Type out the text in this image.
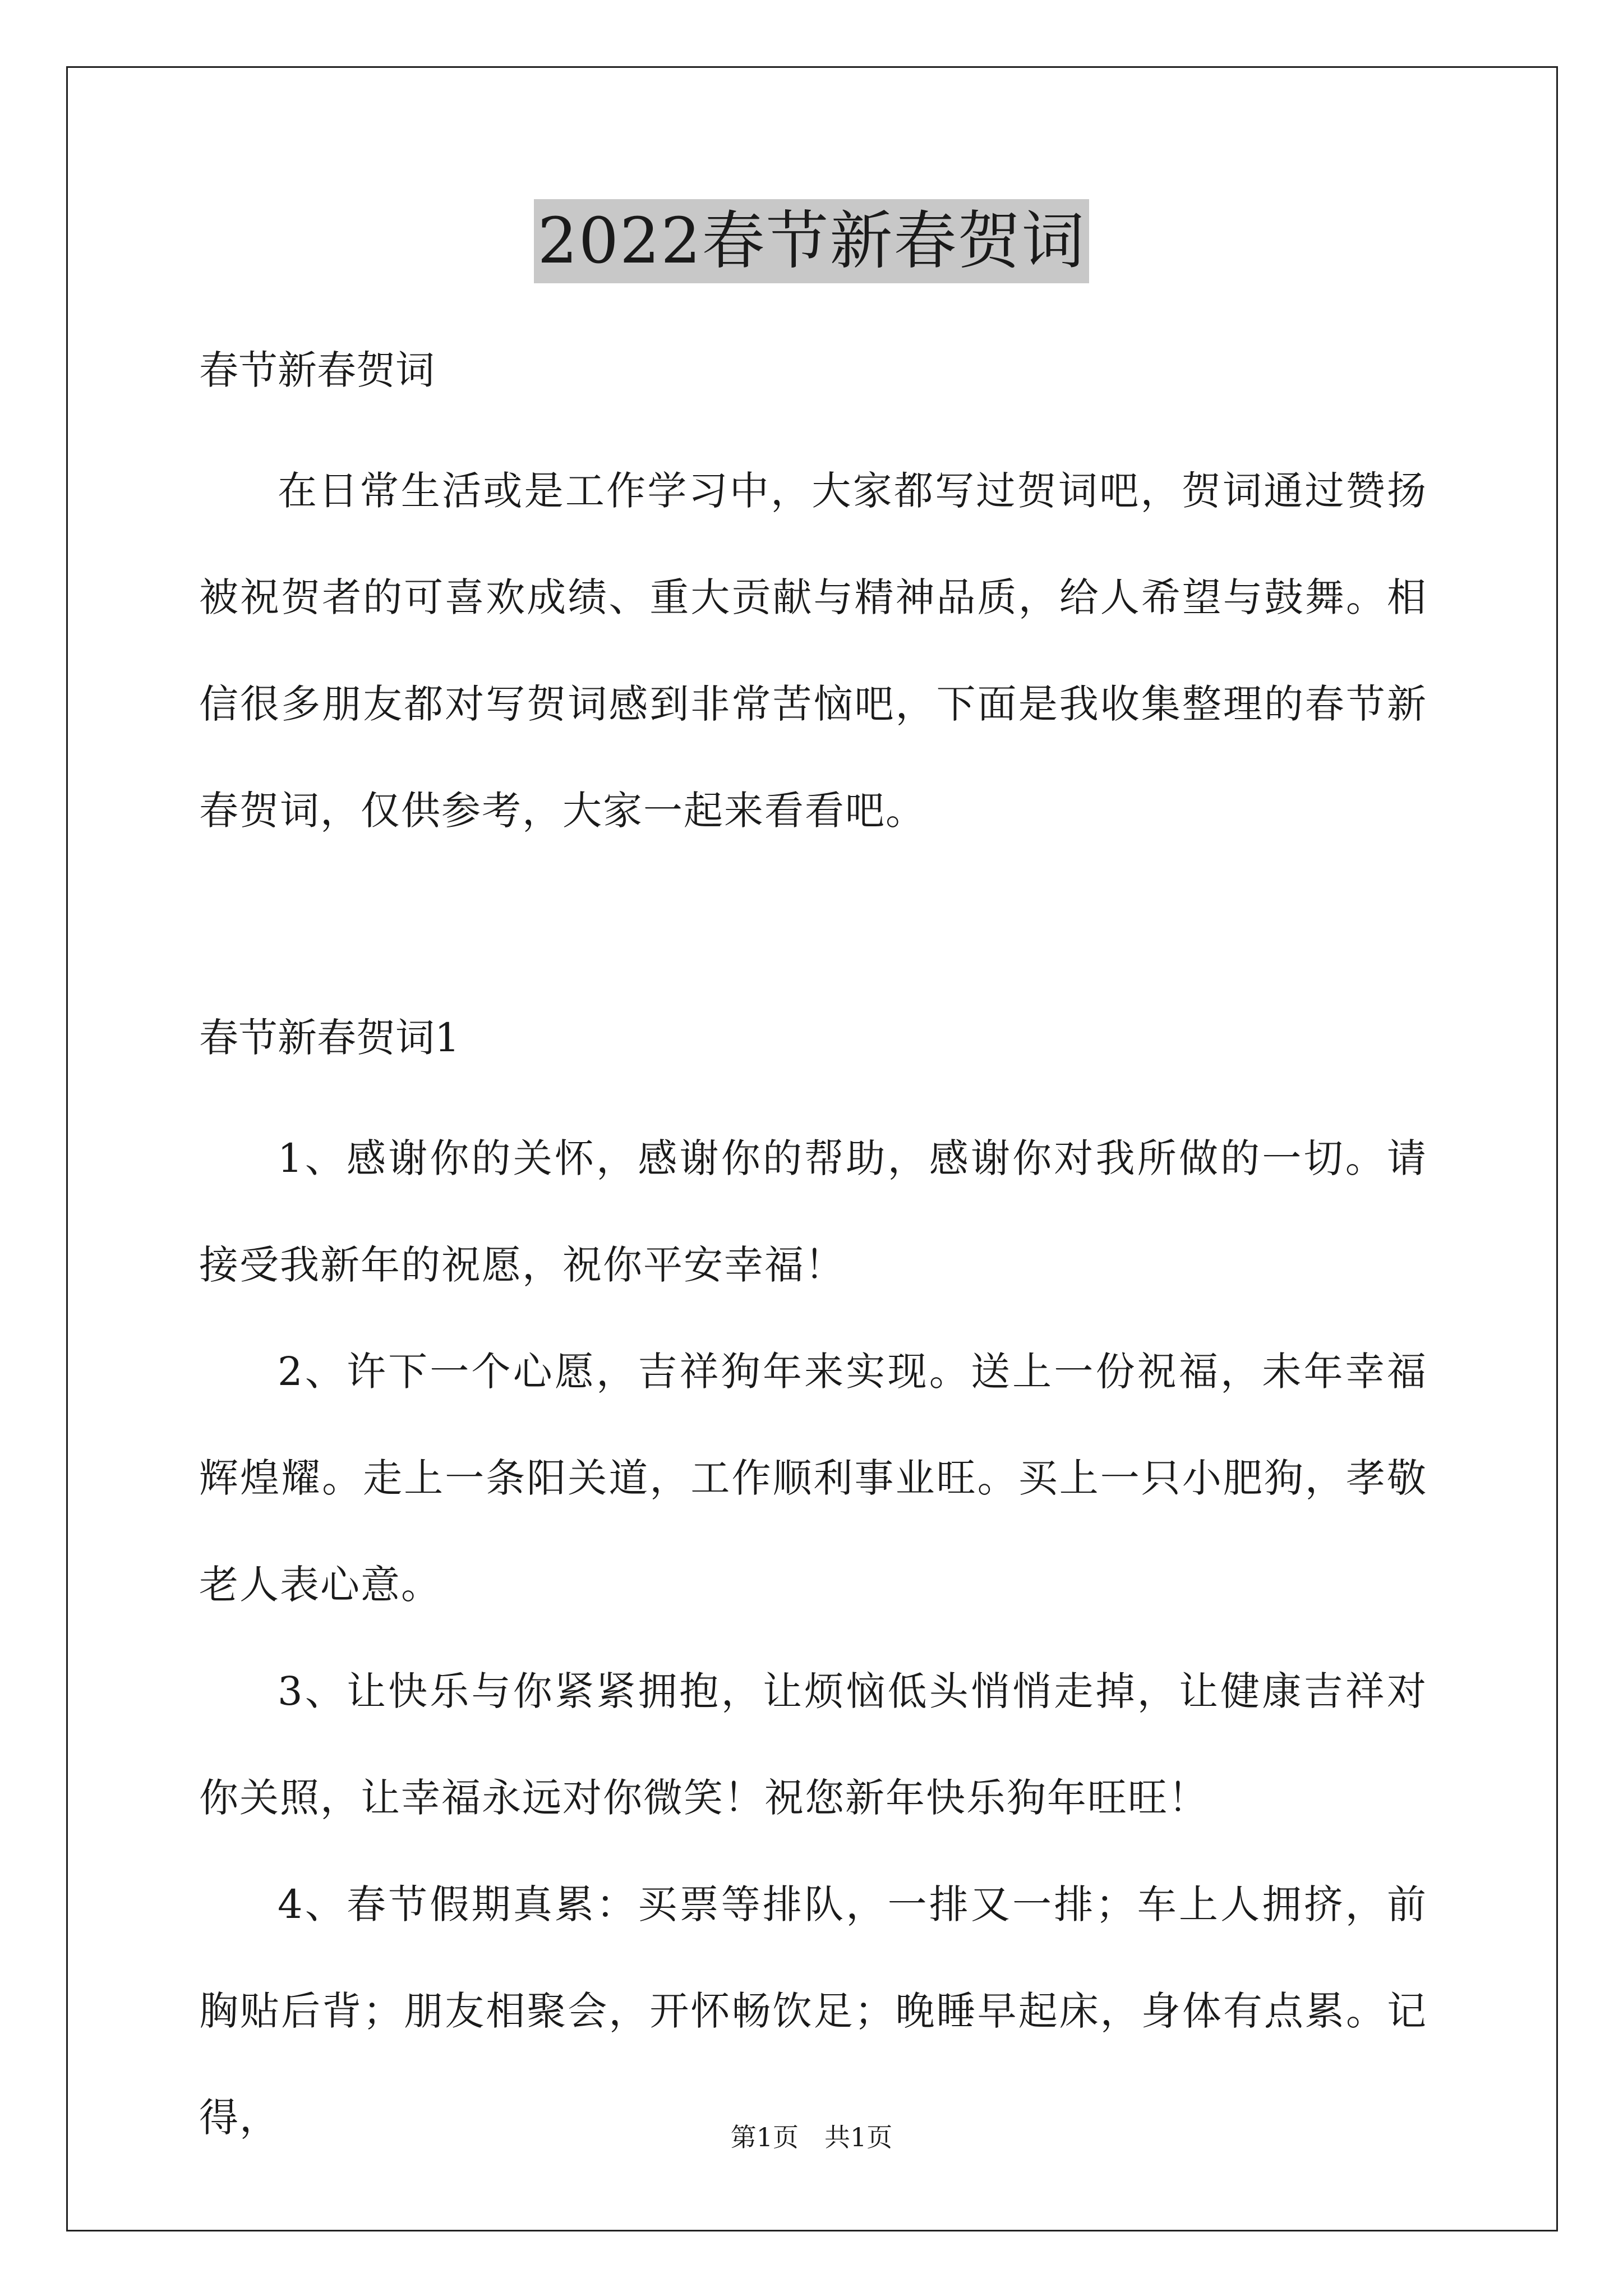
2022春节新春贺词

春节新春贺词

在日常生活或是工作学习中，大家都写过贺词吧，贺词通过赞扬被祝贺者的可喜欢成绩、重大贡献与精神品质，给人希望与鼓舞。相信很多朋友都对写贺词感到非常苦恼吧，下面是我收集整理的春节新春贺词，仅供参考，大家一起来看看吧。

春节新春贺词1

1、感谢你的关怀，感谢你的帮助，感谢你对我所做的一切。请接受我新年的祝愿，祝你平安幸福！

2、许下一个心愿，吉祥狗年来实现。送上一份祝福，未年幸福辉煌耀。走上一条阳关道，工作顺利事业旺。买上一只小肥狗，孝敬老人表心意。

3、让快乐与你紧紧拥抱，让烦恼低头悄悄走掉，让健康吉祥对你关照，让幸福永远对你微笑！祝您新年快乐狗年旺旺！

4、春节假期真累：买票等排队，一排又一排；车上人拥挤，前胸贴后背；朋友相聚会，开怀畅饮足；晚睡早起床，身体有点累。记得，	第1页　共1页
